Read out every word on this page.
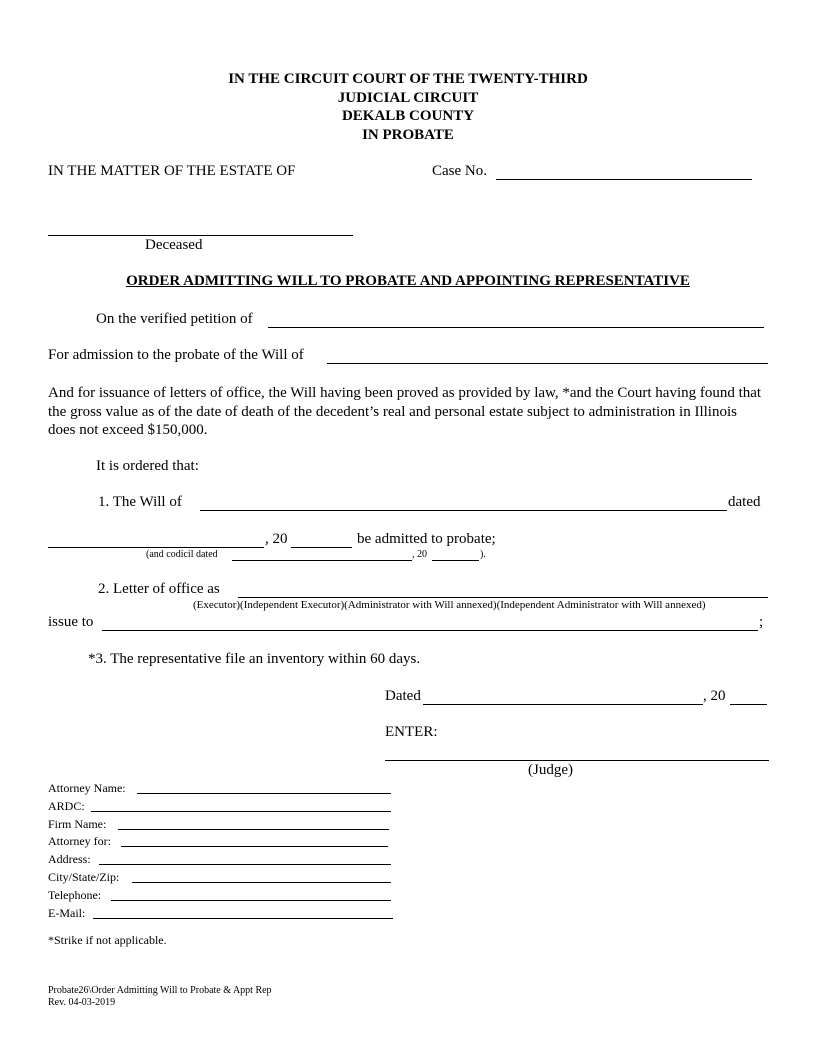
IN THE CIRCUIT COURT OF THE TWENTY-THIRD
JUDICIAL CIRCUIT
DEKALB COUNTY
IN PROBATE
IN THE MATTER OF THE ESTATE OF	Case No.
Deceased
ORDER ADMITTING WILL TO PROBATE AND APPOINTING REPRESENTATIVE
On the verified petition of
For admission to the probate of the Will of
And for issuance of letters of office, the Will having been proved as provided by law, *and the Court having found that the gross value as of the date of death of the decedent’s real and personal estate subject to administration in Illinois does not exceed $150,000.
It is ordered that:
1. The Will of	dated
, 20	be admitted to probate;
(and codicil dated	, 20	).
2. Letter of office as
(Executor)(Independent Executor)(Administrator with Will annexed)(Independent Administrator with Will annexed)
issue to	;
*3. The representative file an inventory within 60 days.
Dated	, 20
ENTER:
(Judge)
Attorney Name:
ARDC:
Firm Name:
Attorney for:
Address:
City/State/Zip:
Telephone:
E-Mail:
*Strike if not applicable.
Probate26\Order Admitting Will to Probate & Appt Rep
Rev. 04-03-2019
